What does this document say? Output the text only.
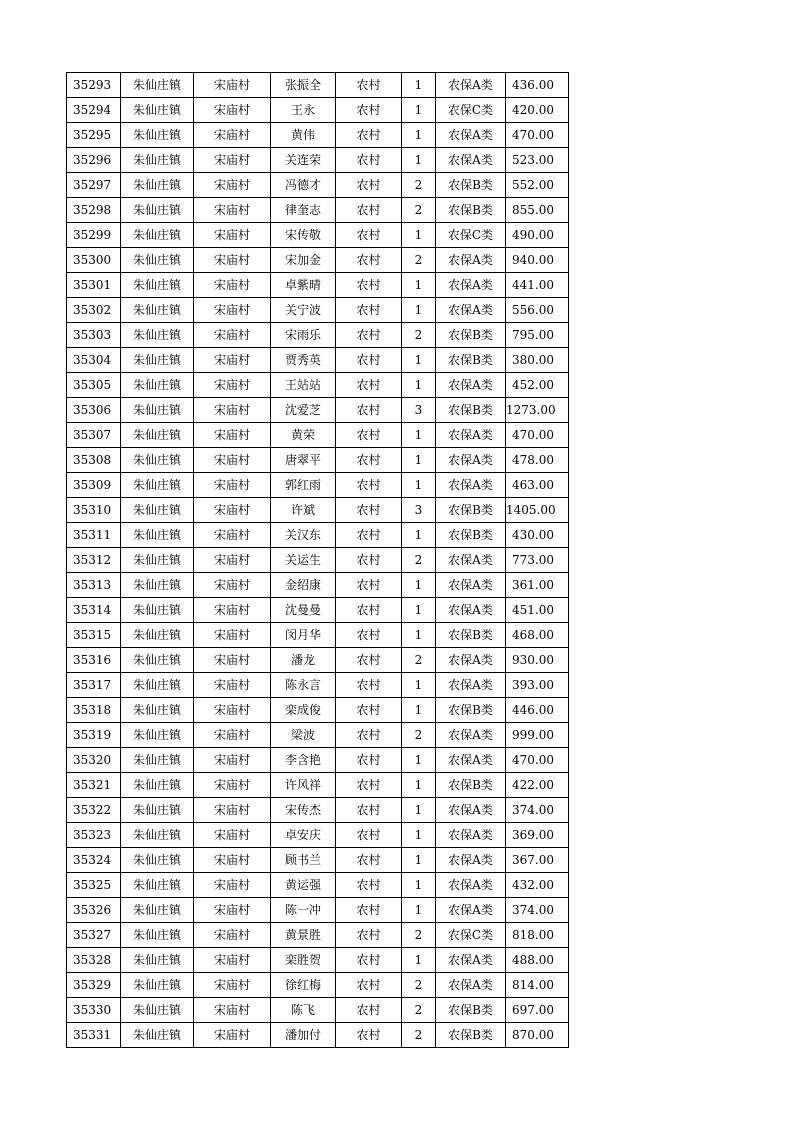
35293	朱仙庄镇	宋庙村	张振全	农村	1	农保A类	436.00
35294	朱仙庄镇	宋庙村	王永	农村	1	农保C类	420.00
35295	朱仙庄镇	宋庙村	黄伟	农村	1	农保A类	470.00
35296	朱仙庄镇	宋庙村	关连荣	农村	1	农保A类	523.00
35297	朱仙庄镇	宋庙村	冯德才	农村	2	农保B类	552.00
35298	朱仙庄镇	宋庙村	律奎志	农村	2	农保B类	855.00
35299	朱仙庄镇	宋庙村	宋传敬	农村	1	农保C类	490.00
35300	朱仙庄镇	宋庙村	宋加金	农村	2	农保A类	940.00
35301	朱仙庄镇	宋庙村	卓紫晴	农村	1	农保A类	441.00
35302	朱仙庄镇	宋庙村	关宁波	农村	1	农保A类	556.00
35303	朱仙庄镇	宋庙村	宋雨乐	农村	2	农保B类	795.00
35304	朱仙庄镇	宋庙村	贾秀英	农村	1	农保B类	380.00
35305	朱仙庄镇	宋庙村	王站站	农村	1	农保A类	452.00
35306	朱仙庄镇	宋庙村	沈爱芝	农村	3	农保B类	1273.00
35307	朱仙庄镇	宋庙村	黄荣	农村	1	农保A类	470.00
35308	朱仙庄镇	宋庙村	唐翠平	农村	1	农保A类	478.00
35309	朱仙庄镇	宋庙村	郭红雨	农村	1	农保A类	463.00
35310	朱仙庄镇	宋庙村	许斌	农村	3	农保B类	1405.00
35311	朱仙庄镇	宋庙村	关汉东	农村	1	农保B类	430.00
35312	朱仙庄镇	宋庙村	关运生	农村	2	农保A类	773.00
35313	朱仙庄镇	宋庙村	金绍康	农村	1	农保A类	361.00
35314	朱仙庄镇	宋庙村	沈曼曼	农村	1	农保A类	451.00
35315	朱仙庄镇	宋庙村	闵月华	农村	1	农保B类	468.00
35316	朱仙庄镇	宋庙村	潘龙	农村	2	农保A类	930.00
35317	朱仙庄镇	宋庙村	陈永言	农村	1	农保A类	393.00
35318	朱仙庄镇	宋庙村	栾成俊	农村	1	农保B类	446.00
35319	朱仙庄镇	宋庙村	梁波	农村	2	农保A类	999.00
35320	朱仙庄镇	宋庙村	李含艳	农村	1	农保A类	470.00
35321	朱仙庄镇	宋庙村	许风祥	农村	1	农保B类	422.00
35322	朱仙庄镇	宋庙村	宋传杰	农村	1	农保A类	374.00
35323	朱仙庄镇	宋庙村	卓安庆	农村	1	农保A类	369.00
35324	朱仙庄镇	宋庙村	顾书兰	农村	1	农保A类	367.00
35325	朱仙庄镇	宋庙村	黄运强	农村	1	农保A类	432.00
35326	朱仙庄镇	宋庙村	陈一冲	农村	1	农保A类	374.00
35327	朱仙庄镇	宋庙村	黄景胜	农村	2	农保C类	818.00
35328	朱仙庄镇	宋庙村	栾胜贺	农村	1	农保A类	488.00
35329	朱仙庄镇	宋庙村	徐红梅	农村	2	农保A类	814.00
35330	朱仙庄镇	宋庙村	陈飞	农村	2	农保B类	697.00
35331	朱仙庄镇	宋庙村	潘加付	农村	2	农保B类	870.00
